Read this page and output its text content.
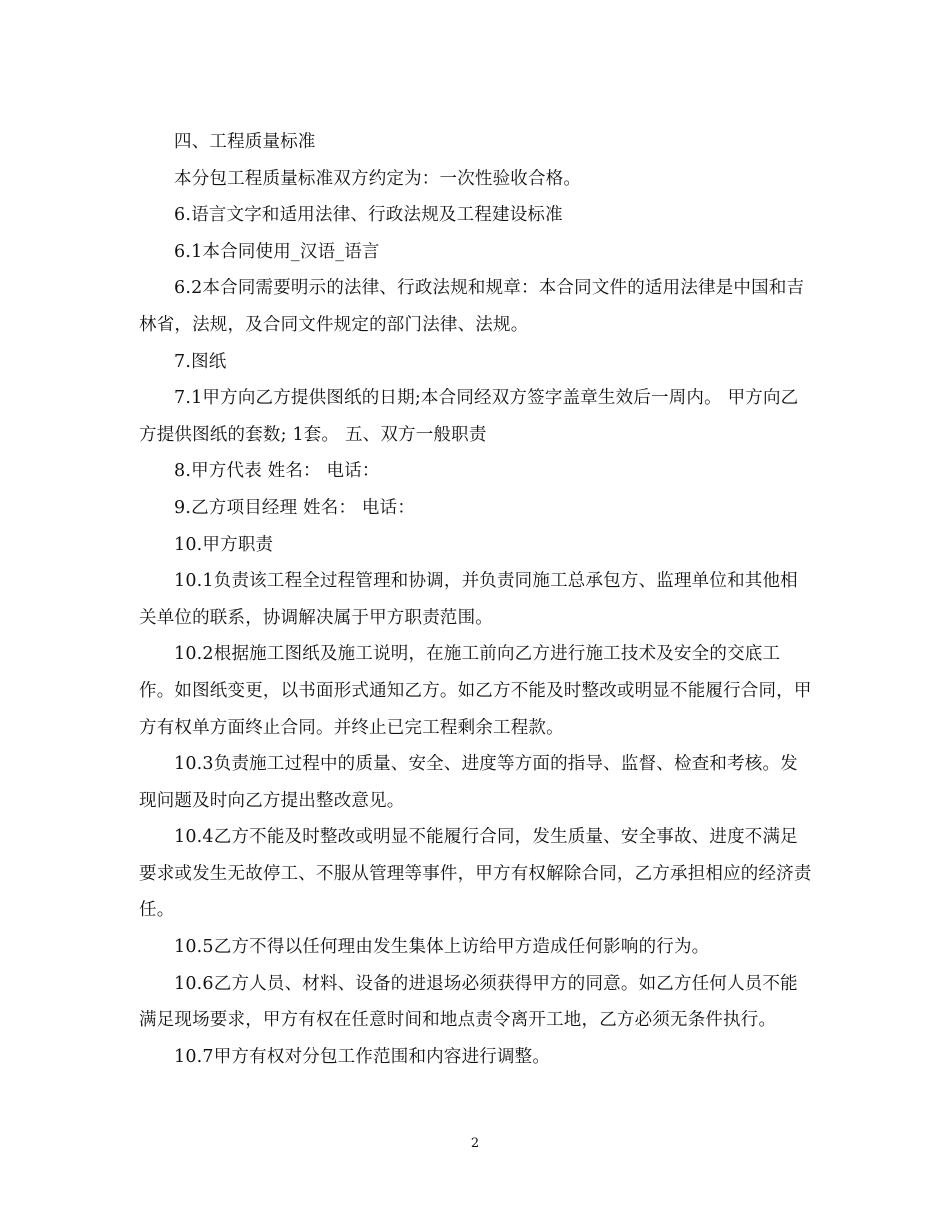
四、工程质量标准

本分包工程质量标准双方约定为：一次性验收合格。

6.语言文字和适用法律、行政法规及工程建设标准

6.1本合同使用_汉语_语言

6.2本合同需要明示的法律、行政法规和规章：本合同文件的适用法律是中国和吉林省，法规，及合同文件规定的部门法律、法规。

7.图纸

7.1甲方向乙方提供图纸的日期;本合同经双方签字盖章生效后一周内。 甲方向乙方提供图纸的套数; 1套。 五、双方一般职责

8.甲方代表 姓名： 电话：

9.乙方项目经理 姓名： 电话：

10.甲方职责

10.1负责该工程全过程管理和协调，并负责同施工总承包方、监理单位和其他相关单位的联系，协调解决属于甲方职责范围。

10.2根据施工图纸及施工说明，在施工前向乙方进行施工技术及安全的交底工作。如图纸变更，以书面形式通知乙方。如乙方不能及时整改或明显不能履行合同，甲方有权单方面终止合同。并终止已完工程剩余工程款。

10.3负责施工过程中的质量、安全、进度等方面的指导、监督、检查和考核。发现问题及时向乙方提出整改意见。

10.4乙方不能及时整改或明显不能履行合同，发生质量、安全事故、进度不满足要求或发生无故停工、不服从管理等事件，甲方有权解除合同，乙方承担相应的经济责任。

10.5乙方不得以任何理由发生集体上访给甲方造成任何影响的行为。

10.6乙方人员、材料、设备的进退场必须获得甲方的同意。如乙方任何人员不能满足现场要求，甲方有权在任意时间和地点责令离开工地，乙方必须无条件执行。

10.7甲方有权对分包工作范围和内容进行调整。

2
